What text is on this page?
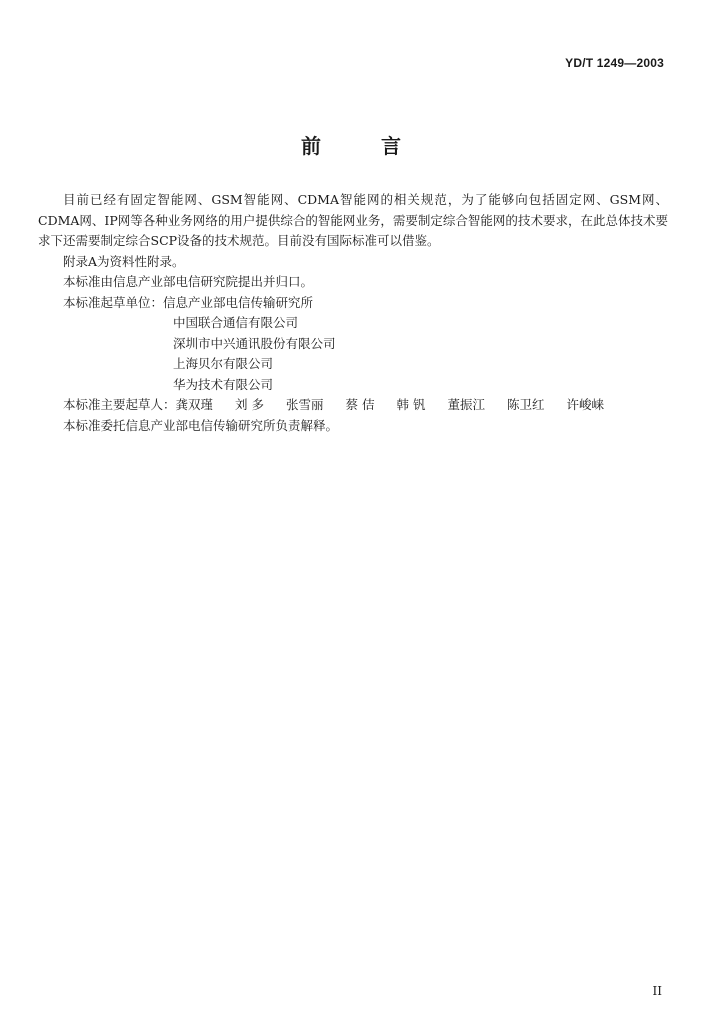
YD/T 1249—2003
前	言

目前已经有固定智能网、GSM智能网、CDMA智能网的相关规范，为了能够向包括固定网、GSM网、CDMA网、IP网等各种业务网络的用户提供综合的智能网业务，需要制定综合智能网的技术要求，在此总体技术要求下还需要制定综合SCP设备的技术规范。目前没有国际标准可以借鉴。

附录A为资料性附录。

本标准由信息产业部电信研究院提出并归口。

本标准起草单位：信息产业部电信传输研究所

中国联合通信有限公司

深圳市中兴通讯股份有限公司

上海贝尔有限公司

华为技术有限公司

本标准主要起草人：龚双瑾 刘 多 张雪丽 蔡 佶 韩 钒 董振江 陈卫红 许峻崃

本标准委托信息产业部电信传输研究所负责解释。

II
